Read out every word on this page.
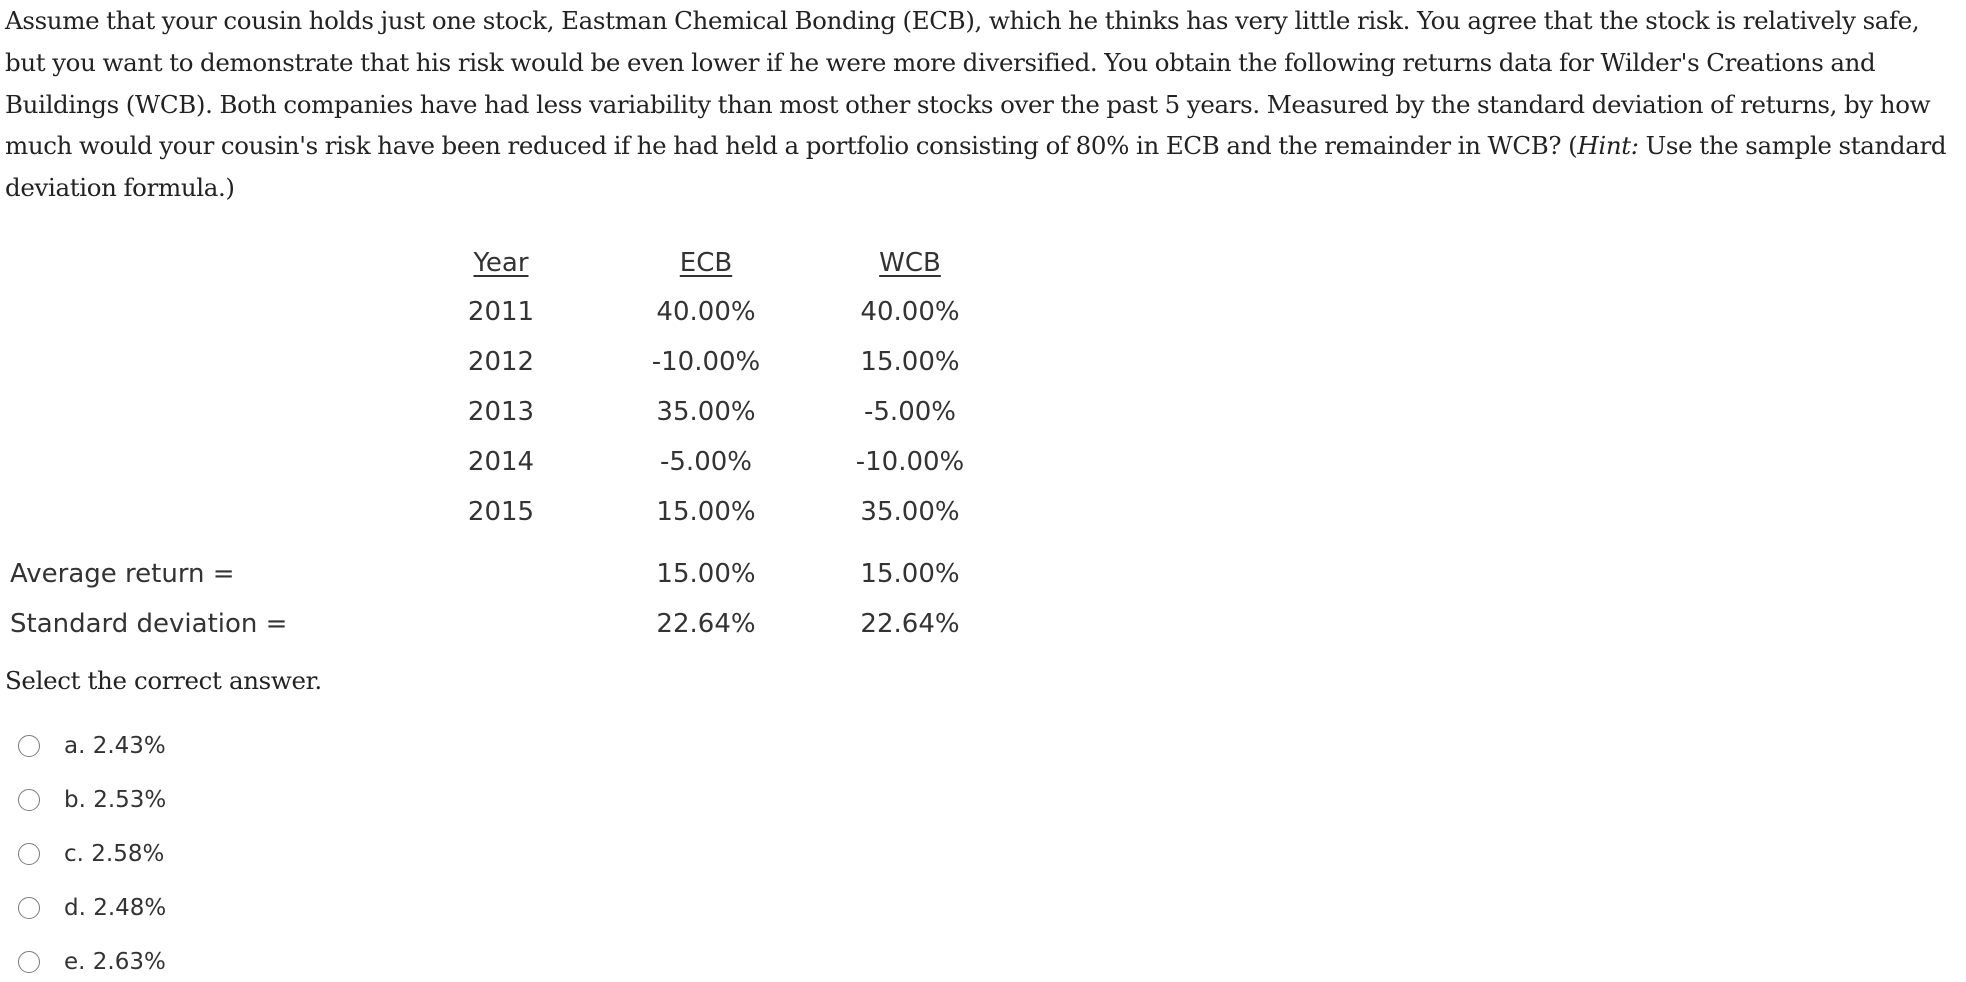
Assume that your cousin holds just one stock, Eastman Chemical Bonding (ECB), which he thinks has very little risk. You agree that the stock is relatively safe, but you want to demonstrate that his risk would be even lower if he were more diversified. You obtain the following returns data for Wilder's Creations and Buildings (WCB). Both companies have had less variability than most other stocks over the past 5 years. Measured by the standard deviation of returns, by how much would your cousin's risk have been reduced if he had held a portfolio consisting of 80% in ECB and the remainder in WCB? (Hint: Use the sample standard deviation formula.)
Year	ECB	WCB
2011	40.00%	40.00%
2012	-10.00%	15.00%
2013	35.00%	-5.00%
2014	-5.00%	-10.00%
2015	15.00%	35.00%
Average return =	15.00%	15.00%
Standard deviation =	22.64%	22.64%
Select the correct answer.
a. 2.43%
b. 2.53%
c. 2.58%
d. 2.48%
e. 2.63%
